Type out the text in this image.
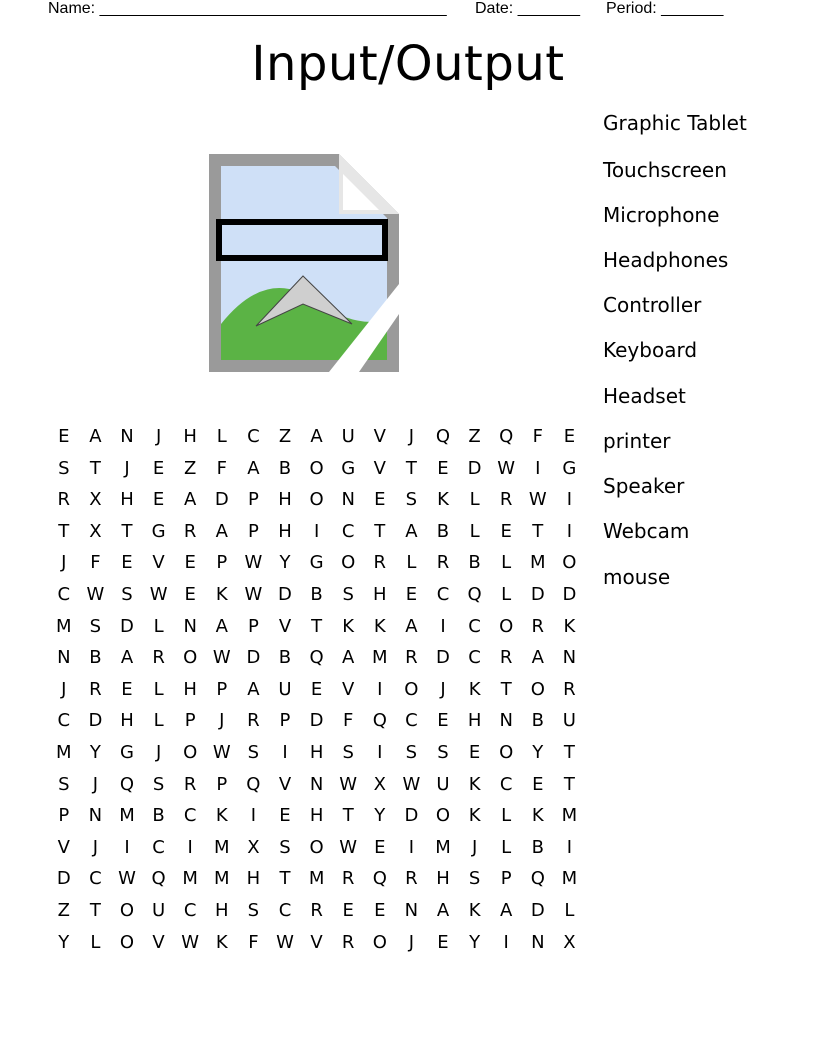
Name: _______________________________________ Date: _______ Period: _______
Input/Output
Graphic Tablet
Touchscreen
Microphone
Headphones
Controller
Keyboard
Headset
printer
Speaker
Webcam
mouse
E	A	N	J	H	L	C	Z	A	U	V	J	Q	Z	Q	F	E
S	T	J	E	Z	F	A	B	O G	V	T	E	D W	I	G
R	X	H	E	A	D	P	H O N	E	S	K	L	R W	I
T	X	T	G	R	A	P	H	I	C	T	A	B	L	E	T	I
J	F	E	V	E	P W Y	G O	R	L	R	B	L	M O
C W S W E	K W D	B	S	H	E	C	Q	L	D D
M	S	D	L	N	A	P	V	T	K	K	A	I	C	O	R	K
N	B	A	R	O W D	B	Q	A M R	D	C	R	A	N
J	R	E	L	H	P	A	U	E	V	I	O	J	K	T	O	R
C	D H	L	P	J	R	P	D	F	Q	C	E	H	N	B	U
M	Y	G	J	O W S	I	H	S	I	S	S	E	O	Y	T
S	J	Q	S	R	P	Q	V	N W X W U	K	C	E	T
P	N M B	C	K	I	E	H	T	Y	D O	K	L	K M
V	J	I	C	I	M X	S	O W E	I	M	J	L	B	I
D	C W Q M M H	T	M R	Q	R	H	S	P	Q M
Z	T	O U	C	H	S	C	R	E	E	N	A	K	A	D	L
Y	L	O	V W K	F W V	R	O	J	E	Y	I	N	X
